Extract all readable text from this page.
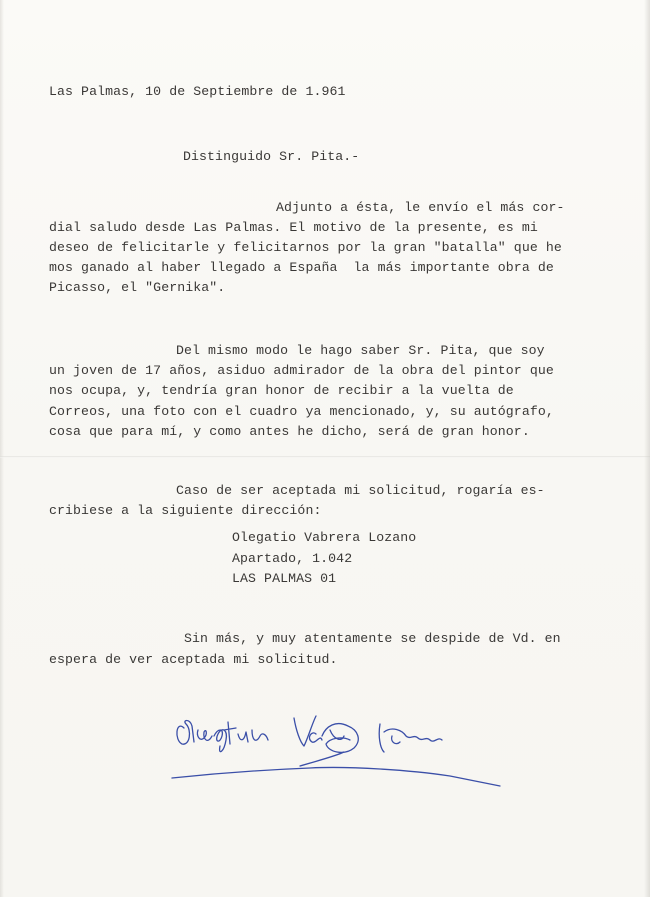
Las Palmas, 10 de Septiembre de 1.961
Distinguido Sr. Pita.-
Adjunto a ésta, le envío el más cor-
dial saludo desde Las Palmas. El motivo de la presente, es mi
deseo de felicitarle y felicitarnos por la gran "batalla" que he
mos ganado al haber llegado a España  la más importante obra de
Picasso, el "Gernika".
Del mismo modo le hago saber Sr. Pita, que soy
un joven de 17 años, asiduo admirador de la obra del pintor que
nos ocupa, y, tendría gran honor de recibir a la vuelta de
Correos, una foto con el cuadro ya mencionado, y, su autógrafo,
cosa que para mí, y como antes he dicho, será de gran honor.
Caso de ser aceptada mi solicitud, rogaría es-
cribiese a la siguiente dirección:
Olegatio Vabrera Lozano
Apartado, 1.042
LAS PALMAS 01
Sin más, y muy atentamente se despide de Vd. en
espera de ver aceptada mi solicitud.
